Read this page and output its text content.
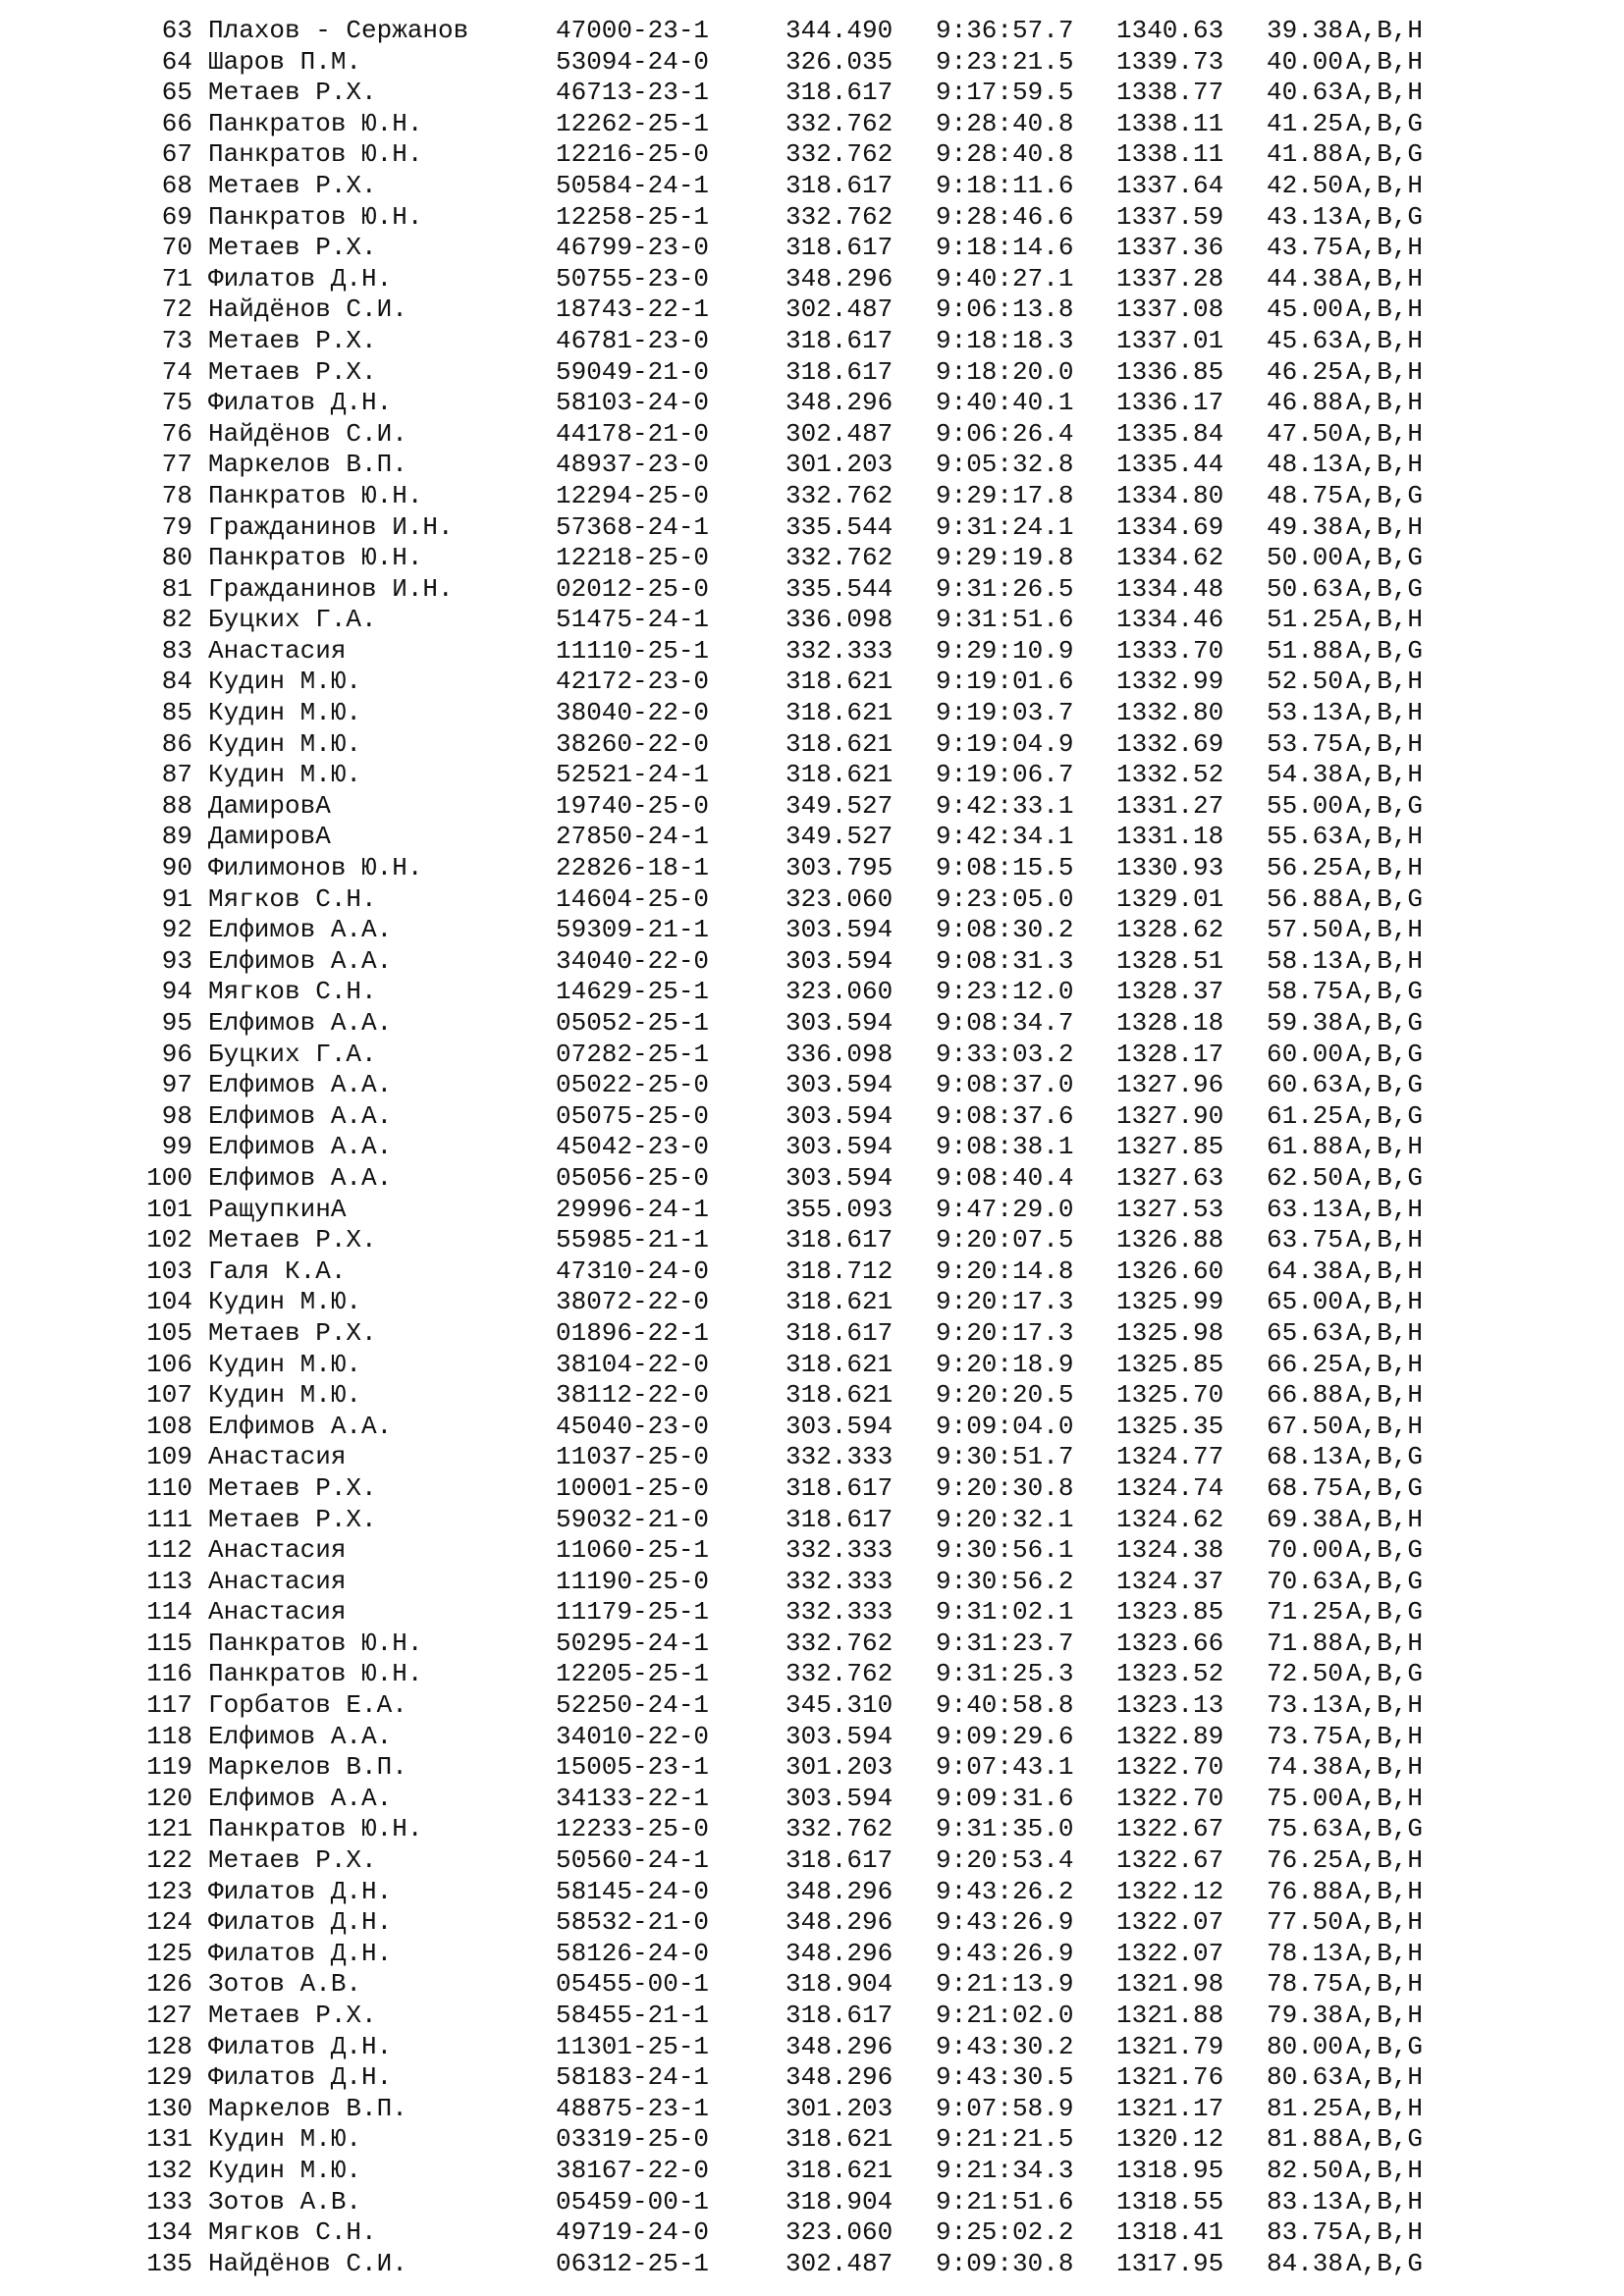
63 Плахов - Сержанов	47000-23-1	344.490 9:36:57.7 1340.63 39.38 A,B,H
64 Шаров П.М.	53094-24-0	326.035 9:23:21.5 1339.73 40.00 A,B,H
65 Метаев Р.Х.	46713-23-1	318.617 9:17:59.5 1338.77 40.63 A,B,H
66 Панкратов Ю.Н.	12262-25-1	332.762 9:28:40.8 1338.11 41.25 A,B,G
67 Панкратов Ю.Н.	12216-25-0	332.762 9:28:40.8 1338.11 41.88 A,B,G
68 Метаев Р.Х.	50584-24-1	318.617 9:18:11.6 1337.64 42.50 A,B,H
69 Панкратов Ю.Н.	12258-25-1	332.762 9:28:46.6 1337.59 43.13 A,B,G
70 Метаев Р.Х.	46799-23-0	318.617 9:18:14.6 1337.36 43.75 A,B,H
71 Филатов Д.Н.	50755-23-0	348.296 9:40:27.1 1337.28 44.38 A,B,H
72 Найдёнов С.И.	18743-22-1	302.487 9:06:13.8 1337.08 45.00 A,B,H
73 Метаев Р.Х.	46781-23-0	318.617 9:18:18.3 1337.01 45.63 A,B,H
74 Метаев Р.Х.	59049-21-0	318.617 9:18:20.0 1336.85 46.25 A,B,H
75 Филатов Д.Н.	58103-24-0	348.296 9:40:40.1 1336.17 46.88 A,B,H
76 Найдёнов С.И.	44178-21-0	302.487 9:06:26.4 1335.84 47.50 A,B,H
77 Маркелов В.П.	48937-23-0	301.203 9:05:32.8 1335.44 48.13 A,B,H
78 Панкратов Ю.Н.	12294-25-0	332.762 9:29:17.8 1334.80 48.75 A,B,G
79 Гражданинов И.Н.	57368-24-1	335.544 9:31:24.1 1334.69 49.38 A,B,H
80 Панкратов Ю.Н.	12218-25-0	332.762 9:29:19.8 1334.62 50.00 A,B,G
81 Гражданинов И.Н.	02012-25-0	335.544 9:31:26.5 1334.48 50.63 A,B,G
82 Буцких Г.А.	51475-24-1	336.098 9:31:51.6 1334.46 51.25 A,B,H
83 Анастасия	11110-25-1	332.333 9:29:10.9 1333.70 51.88 A,B,G
84 Кудин М.Ю.	42172-23-0	318.621 9:19:01.6 1332.99 52.50 A,B,H
85 Кудин М.Ю.	38040-22-0	318.621 9:19:03.7 1332.80 53.13 A,B,H
86 Кудин М.Ю.	38260-22-0	318.621 9:19:04.9 1332.69 53.75 A,B,H
87 Кудин М.Ю.	52521-24-1	318.621 9:19:06.7 1332.52 54.38 A,B,H
88 ДамировА	19740-25-0	349.527 9:42:33.1 1331.27 55.00 A,B,G
89 ДамировА	27850-24-1	349.527 9:42:34.1 1331.18 55.63 A,B,H
90 Филимонов Ю.Н.	22826-18-1	303.795 9:08:15.5 1330.93 56.25 A,B,H
91 Мягков С.Н.	14604-25-0	323.060 9:23:05.0 1329.01 56.88 A,B,G
92 Елфимов А.А.	59309-21-1	303.594 9:08:30.2 1328.62 57.50 A,B,H
93 Елфимов А.А.	34040-22-0	303.594 9:08:31.3 1328.51 58.13 A,B,H
94 Мягков С.Н.	14629-25-1	323.060 9:23:12.0 1328.37 58.75 A,B,G
95 Елфимов А.А.	05052-25-1	303.594 9:08:34.7 1328.18 59.38 A,B,G
96 Буцких Г.А.	07282-25-1	336.098 9:33:03.2 1328.17 60.00 A,B,G
97 Елфимов А.А.	05022-25-0	303.594 9:08:37.0 1327.96 60.63 A,B,G
98 Елфимов А.А.	05075-25-0	303.594 9:08:37.6 1327.90 61.25 A,B,G
99 Елфимов А.А.	45042-23-0	303.594 9:08:38.1 1327.85 61.88 A,B,H
100 Елфимов А.А.	05056-25-0	303.594 9:08:40.4 1327.63 62.50 A,B,G
101 РащупкинА	29996-24-1	355.093 9:47:29.0 1327.53 63.13 A,B,H
102 Метаев Р.Х.	55985-21-1	318.617 9:20:07.5 1326.88 63.75 A,B,H
103 Галя К.А.	47310-24-0	318.712 9:20:14.8 1326.60 64.38 A,B,H
104 Кудин М.Ю.	38072-22-0	318.621 9:20:17.3 1325.99 65.00 A,B,H
105 Метаев Р.Х.	01896-22-1	318.617 9:20:17.3 1325.98 65.63 A,B,H
106 Кудин М.Ю.	38104-22-0	318.621 9:20:18.9 1325.85 66.25 A,B,H
107 Кудин М.Ю.	38112-22-0	318.621 9:20:20.5 1325.70 66.88 A,B,H
108 Елфимов А.А.	45040-23-0	303.594 9:09:04.0 1325.35 67.50 A,B,H
109 Анастасия	11037-25-0	332.333 9:30:51.7 1324.77 68.13 A,B,G
110 Метаев Р.Х.	10001-25-0	318.617 9:20:30.8 1324.74 68.75 A,B,G
111 Метаев Р.Х.	59032-21-0	318.617 9:20:32.1 1324.62 69.38 A,B,H
112 Анастасия	11060-25-1	332.333 9:30:56.1 1324.38 70.00 A,B,G
113 Анастасия	11190-25-0	332.333 9:30:56.2 1324.37 70.63 A,B,G
114 Анастасия	11179-25-1	332.333 9:31:02.1 1323.85 71.25 A,B,G
115 Панкратов Ю.Н.	50295-24-1	332.762 9:31:23.7 1323.66 71.88 A,B,H
116 Панкратов Ю.Н.	12205-25-1	332.762 9:31:25.3 1323.52 72.50 A,B,G
117 Горбатов Е.А.	52250-24-1	345.310 9:40:58.8 1323.13 73.13 A,B,H
118 Елфимов А.А.	34010-22-0	303.594 9:09:29.6 1322.89 73.75 A,B,H
119 Маркелов В.П.	15005-23-1	301.203 9:07:43.1 1322.70 74.38 A,B,H
120 Елфимов А.А.	34133-22-1	303.594 9:09:31.6 1322.70 75.00 A,B,H
121 Панкратов Ю.Н.	12233-25-0	332.762 9:31:35.0 1322.67 75.63 A,B,G
122 Метаев Р.Х.	50560-24-1	318.617 9:20:53.4 1322.67 76.25 A,B,H
123 Филатов Д.Н.	58145-24-0	348.296 9:43:26.2 1322.12 76.88 A,B,H
124 Филатов Д.Н.	58532-21-0	348.296 9:43:26.9 1322.07 77.50 A,B,H
125 Филатов Д.Н.	58126-24-0	348.296 9:43:26.9 1322.07 78.13 A,B,H
126 Зотов А.В.	05455-00-1	318.904 9:21:13.9 1321.98 78.75 A,B,H
127 Метаев Р.Х.	58455-21-1	318.617 9:21:02.0 1321.88 79.38 A,B,H
128 Филатов Д.Н.	11301-25-1	348.296 9:43:30.2 1321.79 80.00 A,B,G
129 Филатов Д.Н.	58183-24-1	348.296 9:43:30.5 1321.76 80.63 A,B,H
130 Маркелов В.П.	48875-23-1	301.203 9:07:58.9 1321.17 81.25 A,B,H
131 Кудин М.Ю.	03319-25-0	318.621 9:21:21.5 1320.12 81.88 A,B,G
132 Кудин М.Ю.	38167-22-0	318.621 9:21:34.3 1318.95 82.50 A,B,H
133 Зотов А.В.	05459-00-1	318.904 9:21:51.6 1318.55 83.13 A,B,H
134 Мягков С.Н.	49719-24-0	323.060 9:25:02.2 1318.41 83.75 A,B,H
135 Найдёнов С.И.	06312-25-1	302.487 9:09:30.8 1317.95 84.38 A,B,G
